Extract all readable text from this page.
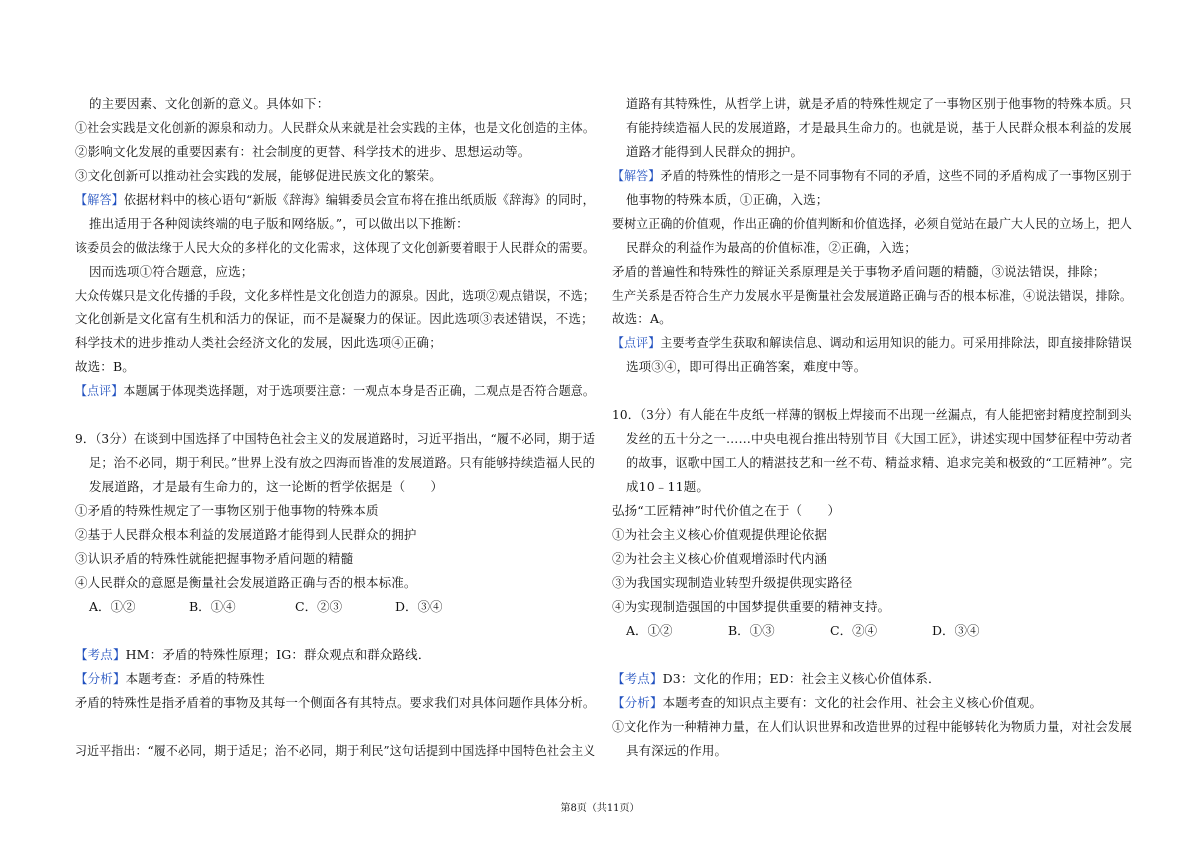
的主要因素、文化创新的意义。具体如下：
①社会实践是文化创新的源泉和动力。人民群众从来就是社会实践的主体，也是文化创造的主体。
②影响文化发展的重要因素有：社会制度的更替、科学技术的进步、思想运动等。
③文化创新可以推动社会实践的发展，能够促进民族文化的繁荣。
【解答】依据材料中的核心语句“新版《辞海》编辑委员会宣布将在推出纸质版《辞海》的同时，
推出适用于各种阅读终端的电子版和网络版。”，可以做出以下推断：
该委员会的做法缘于人民大众的多样化的文化需求，这体现了文化创新要着眼于人民群众的需要。
因而选项①符合题意，应选；
大众传媒只是文化传播的手段，文化多样性是文化创造力的源泉。因此，选项②观点错误，不选；
文化创新是文化富有生机和活力的保证，而不是凝聚力的保证。因此选项③表述错误，不选；
科学技术的进步推动人类社会经济文化的发展，因此选项④正确；
故选：B。
【点评】本题属于体现类选择题，对于选项要注意：一观点本身是否正确，二观点是否符合题意。
9．（3分）在谈到中国选择了中国特色社会主义的发展道路时，习近平指出，“履不必同，期于适
足；治不必同，期于利民。”世界上没有放之四海而皆准的发展道路。只有能够持续造福人民的
发展道路，才是最有生命力的，这一论断的哲学依据是（　　）
①矛盾的特殊性规定了一事物区别于他事物的特殊本质
②基于人民群众根本利益的发展道路才能得到人民群众的拥护
③认识矛盾的特殊性就能把握事物矛盾问题的精髓
④人民群众的意愿是衡量社会发展道路正确与否的根本标准。
A．①②	B．①④	C．②③	D．③④
【考点】HM：矛盾的特殊性原理；IG：群众观点和群众路线．
【分析】本题考查：矛盾的特殊性
矛盾的特殊性是指矛盾着的事物及其每一个侧面各有其特点。要求我们对具体问题作具体分析。
习近平指出：“履不必同，期于适足；治不必同，期于利民”这句话提到中国选择中国特色社会主义
道路有其特殊性，从哲学上讲，就是矛盾的特殊性规定了一事物区别于他事物的特殊本质。只
有能持续造福人民的发展道路，才是最具生命力的。也就是说，基于人民群众根本利益的发展
道路才能得到人民群众的拥护。
【解答】矛盾的特殊性的情形之一是不同事物有不同的矛盾，这些不同的矛盾构成了一事物区别于
他事物的特殊本质，①正确，入选；
要树立正确的价值观，作出正确的价值判断和价值选择，必须自觉站在最广大人民的立场上，把人
民群众的利益作为最高的价值标准，②正确，入选；
矛盾的普遍性和特殊性的辩证关系原理是关于事物矛盾问题的精髓，③说法错误，排除；
生产关系是否符合生产力发展水平是衡量社会发展道路正确与否的根本标准，④说法错误，排除。
故选：A。
【点评】主要考查学生获取和解读信息、调动和运用知识的能力。可采用排除法，即直接排除错误
选项③④，即可得出正确答案，难度中等。
10．（3分）有人能在牛皮纸一样薄的钢板上焊接而不出现一丝漏点，有人能把密封精度控制到头
发丝的五十分之一……中央电视台推出特别节目《大国工匠》，讲述实现中国梦征程中劳动者
的故事，讴歌中国工人的精湛技艺和一丝不苟、精益求精、追求完美和极致的“工匠精神”。完
成10﹣11题。
弘扬“工匠精神”时代价值之在于（　　）
①为社会主义核心价值观提供理论依据
②为社会主义核心价值观增添时代内涵
③为我国实现制造业转型升级提供现实路径
④为实现制造强国的中国梦提供重要的精神支持。
A．①②	B．①③	C．②④	D．③④
【考点】D3：文化的作用；ED：社会主义核心价值体系．
【分析】本题考查的知识点主要有：文化的社会作用、社会主义核心价值观。
①文化作为一种精神力量，在人们认识世界和改造世界的过程中能够转化为物质力量，对社会发展
具有深远的作用。
第8页（共11页）
